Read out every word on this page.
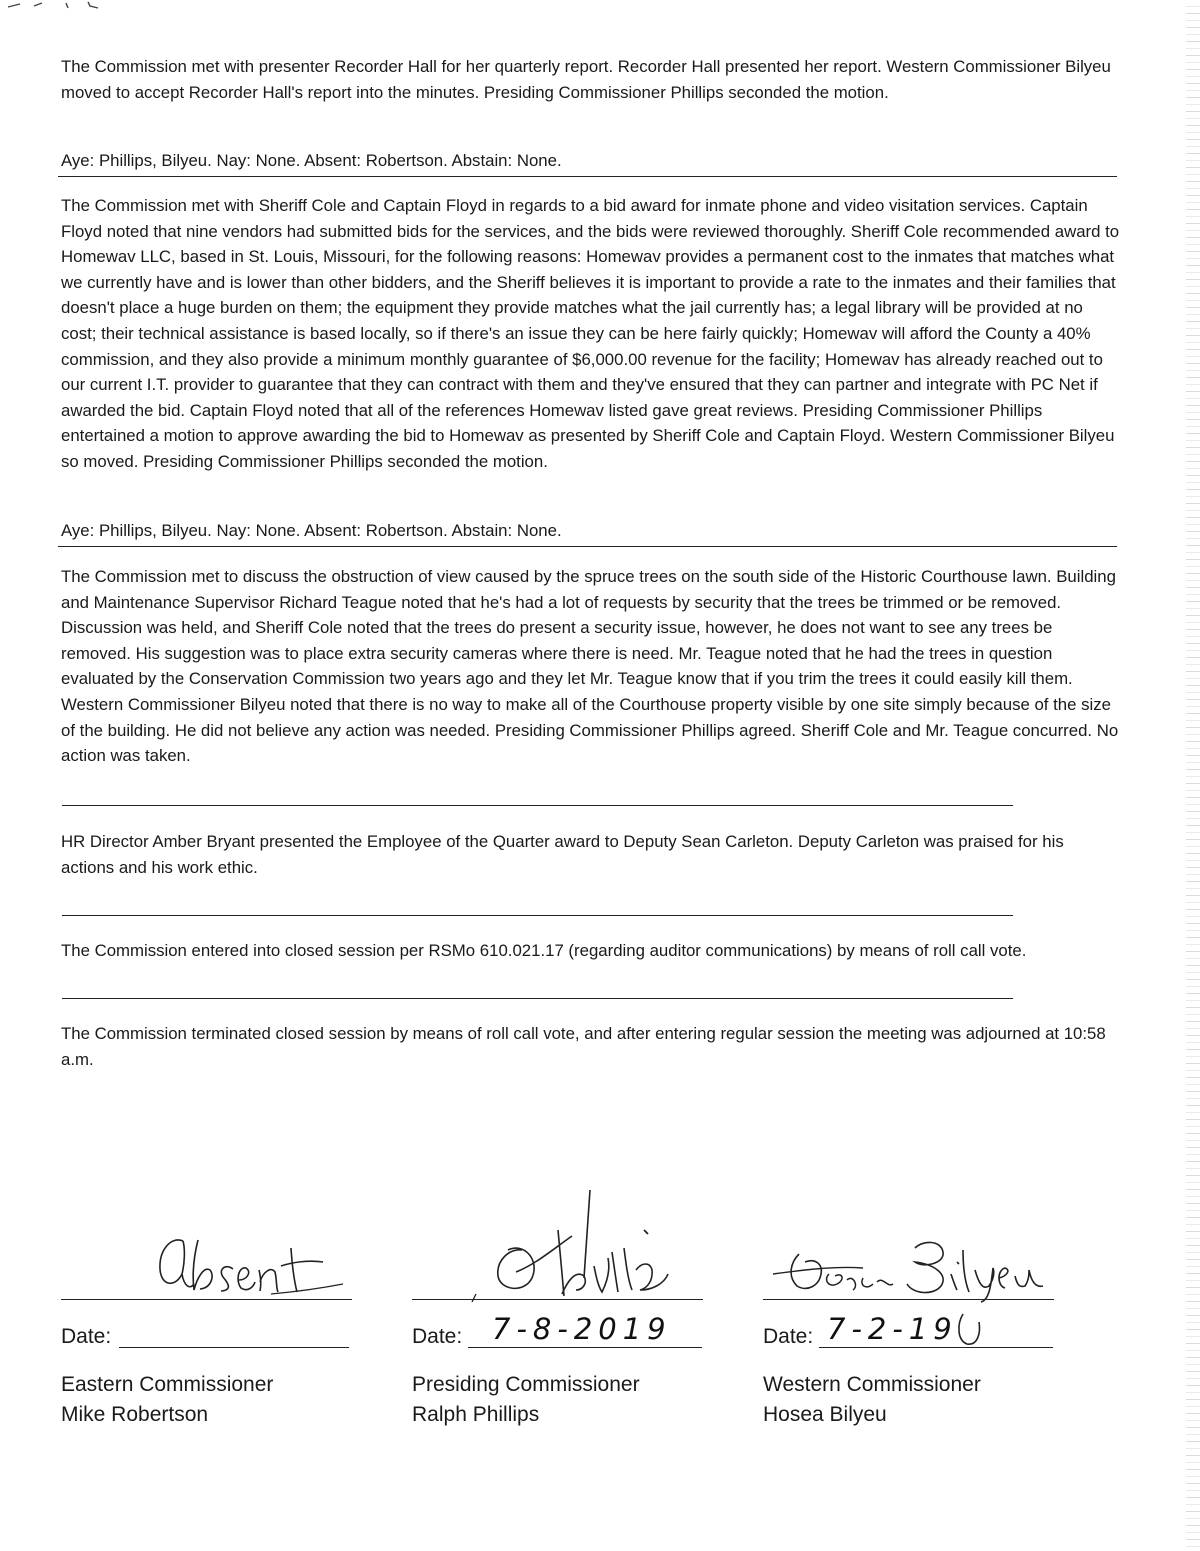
The Commission met with presenter Recorder Hall for her quarterly report. Recorder Hall presented her report. Western Commissioner Bilyeu moved to accept Recorder Hall's report into the minutes. Presiding Commissioner Phillips seconded the motion.

Aye: Phillips, Bilyeu. Nay: None. Absent: Robertson. Abstain: None.

The Commission met with Sheriff Cole and Captain Floyd in regards to a bid award for inmate phone and video visitation services. Captain Floyd noted that nine vendors had submitted bids for the services, and the bids were reviewed thoroughly. Sheriff Cole recommended award to Homewav LLC, based in St. Louis, Missouri, for the following reasons: Homewav provides a permanent cost to the inmates that matches what we currently have and is lower than other bidders, and the Sheriff believes it is important to provide a rate to the inmates and their families that doesn't place a huge burden on them; the equipment they provide matches what the jail currently has; a legal library will be provided at no cost; their technical assistance is based locally, so if there's an issue they can be here fairly quickly; Homewav will afford the County a 40% commission, and they also provide a minimum monthly guarantee of $6,000.00 revenue for the facility; Homewav has already reached out to our current I.T. provider to guarantee that they can contract with them and they've ensured that they can partner and integrate with PC Net if awarded the bid. Captain Floyd noted that all of the references Homewav listed gave great reviews. Presiding Commissioner Phillips entertained a motion to approve awarding the bid to Homewav as presented by Sheriff Cole and Captain Floyd. Western Commissioner Bilyeu so moved. Presiding Commissioner Phillips seconded the motion.

Aye: Phillips, Bilyeu. Nay: None. Absent: Robertson. Abstain: None.

The Commission met to discuss the obstruction of view caused by the spruce trees on the south side of the Historic Courthouse lawn. Building and Maintenance Supervisor Richard Teague noted that he's had a lot of requests by security that the trees be trimmed or be removed. Discussion was held, and Sheriff Cole noted that the trees do present a security issue, however, he does not want to see any trees be removed. His suggestion was to place extra security cameras where there is need. Mr. Teague noted that he had the trees in question evaluated by the Conservation Commission two years ago and they let Mr. Teague know that if you trim the trees it could easily kill them. Western Commissioner Bilyeu noted that there is no way to make all of the Courthouse property visible by one site simply because of the size of the building. He did not believe any action was needed. Presiding Commissioner Phillips agreed. Sheriff Cole and Mr. Teague concurred. No action was taken.

HR Director Amber Bryant presented the Employee of the Quarter award to Deputy Sean Carleton. Deputy Carleton was praised for his actions and his work ethic.

The Commission entered into closed session per RSMo 610.021.17 (regarding auditor communications) by means of roll call vote.

The Commission terminated closed session by means of roll call vote, and after entering regular session the meeting was adjourned at 10:58 a.m.

Date:
Eastern Commissioner
Mike Robertson
Date: 7-8-2019
Presiding Commissioner
Ralph Phillips
Date: 7-2-19
Western Commissioner
Hosea Bilyeu
